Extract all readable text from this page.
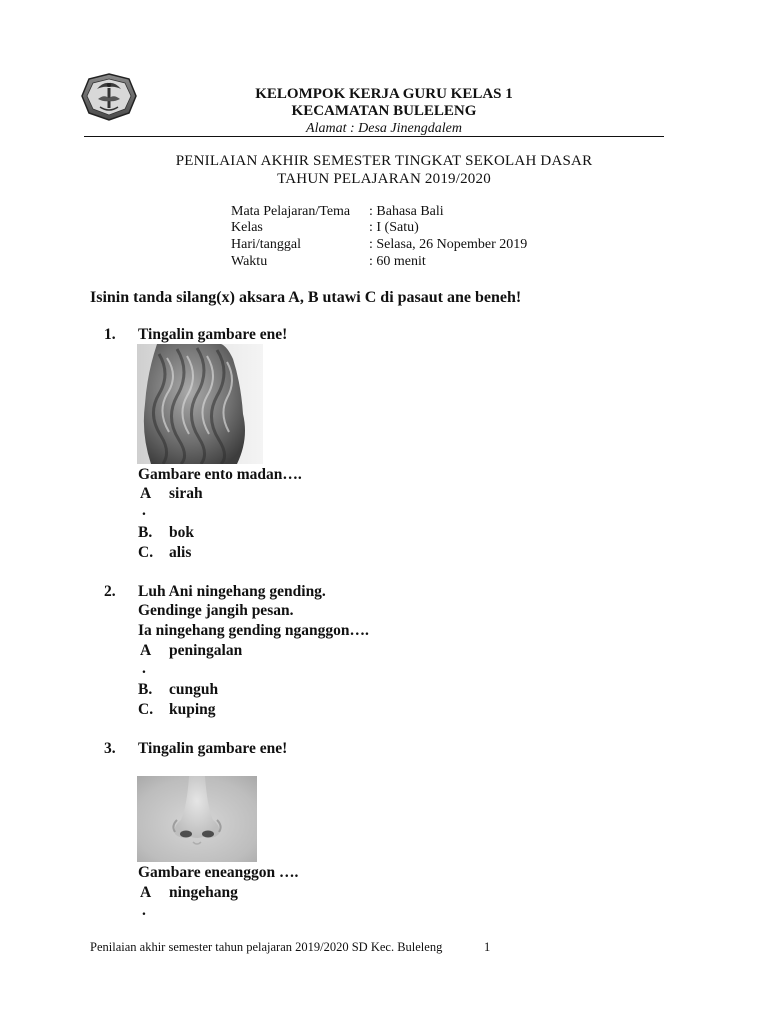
KELOMPOK KERJA GURU KELAS 1
KECAMATAN BULELENG
Alamat : Desa Jinengdalem
PENILAIAN AKHIR SEMESTER TINGKAT SEKOLAH DASAR
TAHUN PELAJARAN 2019/2020
Mata Pelajaran/Tema : Bahasa Bali
Kelas	: I (Satu)
Hari/tanggal	: Selasa, 26 Nopember 2019
Waktu	: 60 menit
Isinin tanda silang(x) aksara A, B utawi C di pasaut ane beneh!
1. Tingalin gambare ene!
Gambare ento madan….
A sirah
.
B. bok
C. alis
2. Luh Ani ningehang gending.
Gendinge jangih pesan.
Ia ningehang gending nganggon….
A peningalan
.
B. cunguh
C. kuping
3. Tingalin gambare ene!
Gambare eneanggon ….
A ningehang
.
Penilaian akhir semester tahun pelajaran 2019/2020 SD Kec. Buleleng	1
